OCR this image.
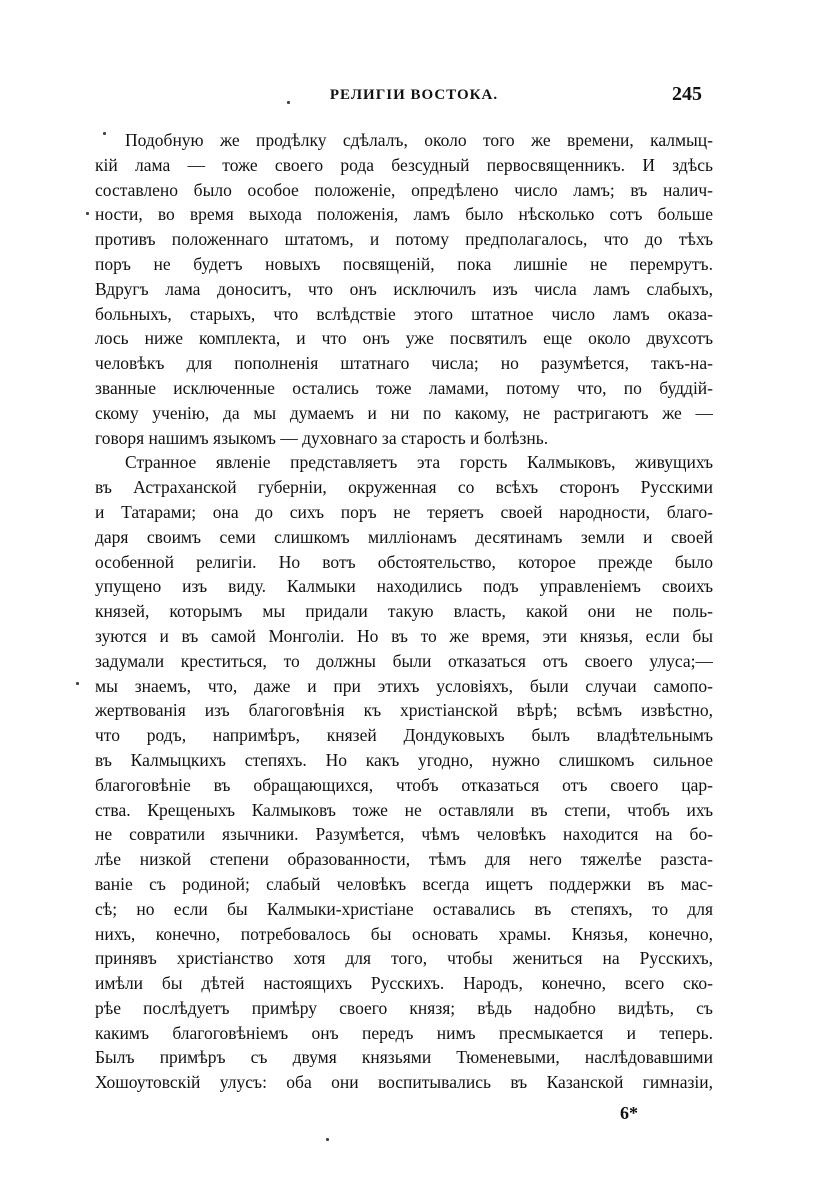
РЕЛИГІИ ВОСТОКА.	245
Подобную же продѣлку сдѣлалъ, около того же времени, калмыц-
кій лама — тоже своего рода безсудный первосвященникъ. И здѣсь
составлено было особое положеніе, опредѣлено число ламъ; въ налич-
ности, во время выхода положенія, ламъ было нѣсколько сотъ больше
противъ положеннаго штатомъ, и потому предполагалось, что до тѣхъ
поръ не будетъ новыхъ посвященій, пока лишніе не перемрутъ.
Вдругъ лама доноситъ, что онъ исключилъ изъ числа ламъ слабыхъ,
больныхъ, старыхъ, что вслѣдствіе этого штатное число ламъ оказа-
лось ниже комплекта, и что онъ уже посвятилъ еще около двухсотъ
человѣкъ для пополненія штатнаго числа; но разумѣется, такъ-на-
званные исключенные остались тоже ламами, потому что, по буддій-
скому ученію, да мы думаемъ и ни по какому, не растригаютъ же —
говоря нашимъ языкомъ — духовнаго за старость и болѣзнь.
Странное явленіе представляетъ эта горсть Калмыковъ, живущихъ
въ Астраханской губерніи, окруженная со всѣхъ сторонъ Русскими
и Татарами; она до сихъ поръ не теряетъ своей народности, благо-
даря своимъ семи слишкомъ милліонамъ десятинамъ земли и своей
особенной религіи. Но вотъ обстоятельство, которое прежде было
упущено изъ виду. Калмыки находились подъ управленіемъ своихъ
князей, которымъ мы придали такую власть, какой они не поль-
зуются и въ самой Монголіи. Но въ то же время, эти князья, если бы
задумали креститься, то должны были отказаться отъ своего улуса;—
мы знаемъ, что, даже и при этихъ условіяхъ, были случаи самопо-
жертвованія изъ благоговѣнія къ христіанской вѣрѣ; всѣмъ извѣстно,
что родъ, напримѣръ, князей Дондуковыхъ былъ владѣтельнымъ
въ Калмыцкихъ степяхъ. Но какъ угодно, нужно слишкомъ сильное
благоговѣніе въ обращающихся, чтобъ отказаться отъ своего цар-
ства. Крещеныхъ Калмыковъ тоже не оставляли въ степи, чтобъ ихъ
не совратили язычники. Разумѣется, чѣмъ человѣкъ находится на бо-
лѣе низкой степени образованности, тѣмъ для него тяжелѣе разста-
ваніе съ родиной; слабый человѣкъ всегда ищетъ поддержки въ мас-
сѣ; но если бы Калмыки-христіане оставались въ степяхъ, то для
нихъ, конечно, потребовалось бы основать храмы. Князья, конечно,
принявъ христіанство хотя для того, чтобы жениться на Русскихъ,
имѣли бы дѣтей настоящихъ Русскихъ. Народъ, конечно, всего ско-
рѣе послѣдуетъ примѣру своего князя; вѣдь надобно видѣть, съ
какимъ благоговѣніемъ онъ передъ нимъ пресмыкается и теперь.
Былъ примѣръ съ двумя князьями Тюменевыми, наслѣдовавшими
Хошоутовскій улусъ: оба они воспитывались въ Казанской гимназіи,
6*
